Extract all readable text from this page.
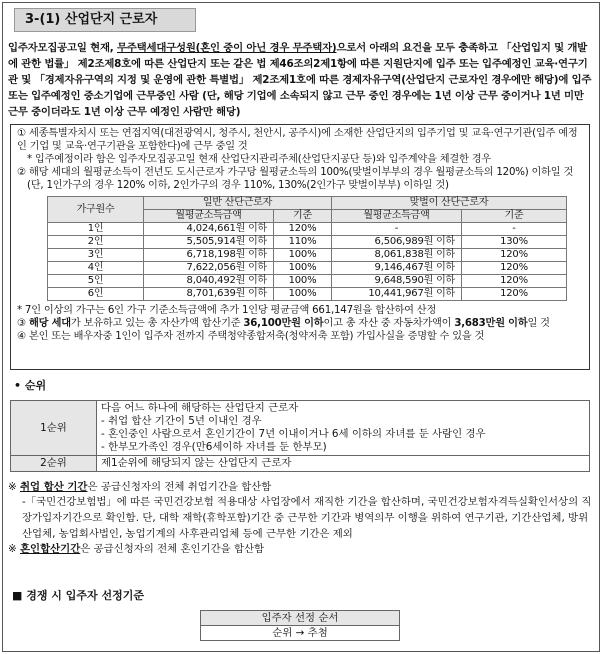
3-(1) 산업단지 근로자
입주자모집공고일 현재, 무주택세대구성원(혼인 중이 아닌 경우 무주택자)으로서 아래의 요건을 모두 충족하고 「산업입지 및 개발에 관한 법률」 제2조제8호에 따른 산업단지 또는 같은 법 제46조의2제1항에 따른 지원단지에 입주 또는 입주예정인 교육·연구기관 및 「경제자유구역의 지정 및 운영에 관한 특별법」 제2조제1호에 따른 경제자유구역(산업단지 근로자인 경우에만 해당)에 입주 또는 입주예정인 중소기업에 근무중인 사람 (단, 해당 기업에 소속되지 않고 근무 중인 경우에는 1년 이상 근무 중이거나 1년 미만 근무 중이더라도 1년 이상 근무 예정인 사람만 해당)

① 세종특별자치시 또는 연접지역(대전광역시, 청주시, 천안시, 공주시)에 소재한 산업단지의 입주기업 및 교육·연구기관(입주 예정인 기업 및 교육·연구기관을 포함한다)에 근무 중일 것

* 입주예정이라 함은 입주자모집공고일 현재 산업단지관리주체(산업단지공단 등)와 입주계약을 체결한 경우

② 해당 세대의 월평균소득이 전년도 도시근로자 가구당 월평균소득의 100%(맞벌이부부의 경우 월평균소득의 120%) 이하일 것

(단, 1인가구의 경우 120% 이하, 2인가구의 경우 110%, 130%(2인가구 맞벌이부부) 이하일 것)

가구원수	일반 산단근로자		맞벌이 산단근로자	
	월평균소득금액	기준	월평균소득금액	기준
1인	4,024,661원 이하	120%	-	-
2인	5,505,914원 이하	110%	6,506,989원 이하	130%
3인	6,718,198원 이하	100%	8,061,838원 이하	120%
4인	7,622,056원 이하	100%	9,146,467원 이하	120%
5인	8,040,492원 이하	100%	9,648,590원 이하	120%
6인	8,701,639원 이하	100%	10,441,967원 이하	120%

* 7인 이상의 가구는 6인 가구 기준소득금액에 추가 1인당 평균금액 661,147원을 합산하여 산정

③ 해당 세대가 보유하고 있는 총 자산가액 합산기준 36,100만원 이하이고 총 자산 중 자동차가액이 3,683만원 이하일 것

④ 본인 또는 배우자중 1인이 입주자 전까지 주택청약종합저축(청약저축 포함) 가입사실을 증명할 수 있을 것

• 순위
1순위	다음 어느 하나에 해당하는 산업단지 근로자
- 취업 합산 기간이 5년 이내인 경우
- 혼인중인 사람으로서 혼인기간이 7년 이내이거나 6세 이하의 자녀를 둔 사람인 경우
- 한부모가족인 경우(만6세이하 자녀를 둔 한부모)

2순위	제1순위에 해당되지 않는 산업단지 근로자

※ 취업 합산 기간은 공급신청자의 전체 취업기간을 합산함

-「국민건강보험법」에 따른 국민건강보험 적용대상 사업장에서 재직한 기간을 합산하며, 국민건강보험자격득실확인서상의 직장가입자기간으로 확인함. 단, 대학 재학(휴학포함)기간 중 근무한 기간과 병역의무 이행을 위하여 연구기관, 기간산업체, 방위산업체, 농업회사법인, 농업기계의 사후관리업체 등에 근무한 기간은 제외

※ 혼인합산기간은 공급신청자의 전체 혼인기간을 합산함

■ 경쟁 시 입주자 선정기준
입주자 선정 순서
순위 → 추첨
